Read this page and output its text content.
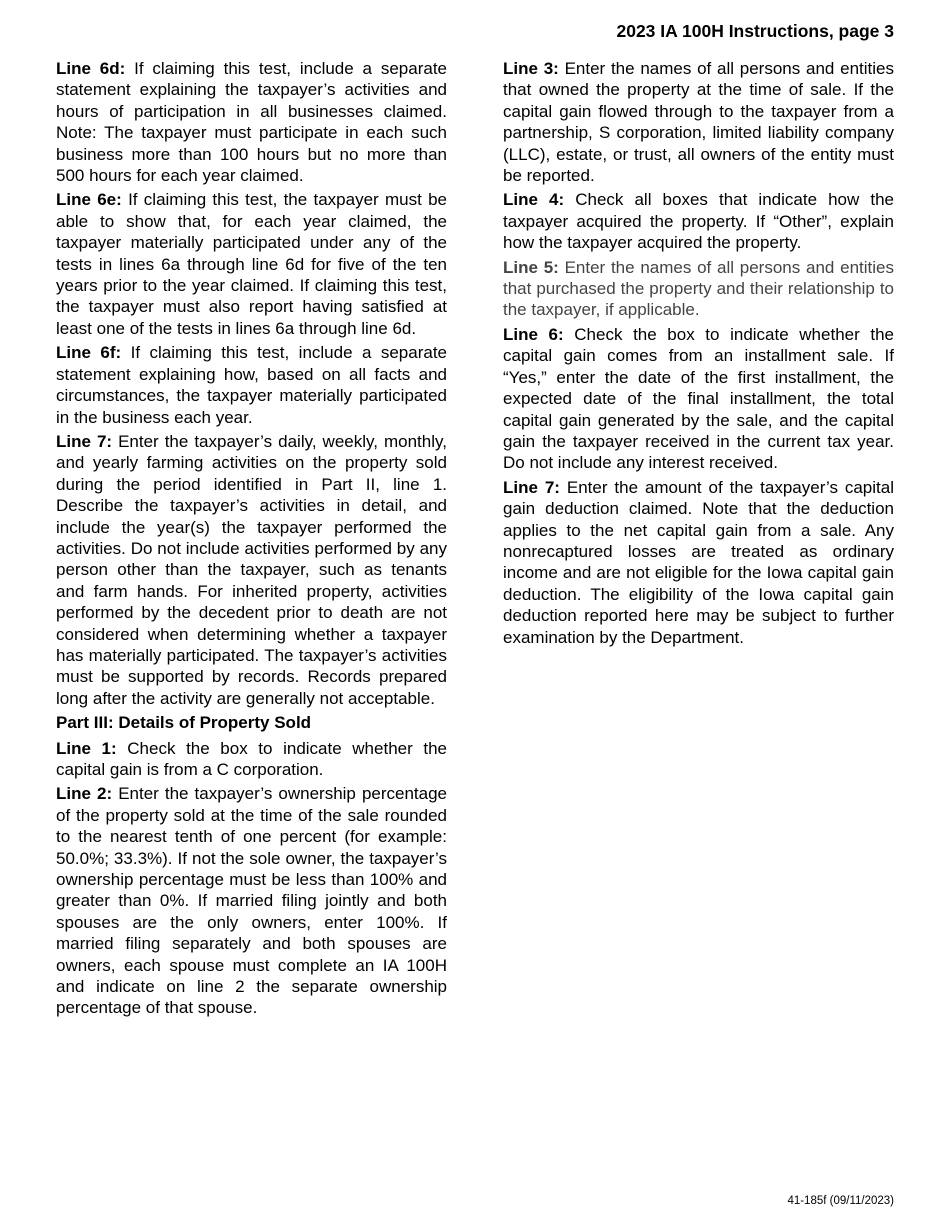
2023 IA 100H Instructions, page 3

Line 6d: If claiming this test, include a separate statement explaining the taxpayer’s activities and hours of participation in all businesses claimed. Note: The taxpayer must participate in each such business more than 100 hours but no more than 500 hours for each year claimed.

Line 6e: If claiming this test, the taxpayer must be able to show that, for each year claimed, the taxpayer materially participated under any of the tests in lines 6a through line 6d for five of the ten years prior to the year claimed. If claiming this test, the taxpayer must also report having satisfied at least one of the tests in lines 6a through line 6d.

Line 6f: If claiming this test, include a separate statement explaining how, based on all facts and circumstances, the taxpayer materially participated in the business each year.

Line 7: Enter the taxpayer’s daily, weekly, monthly, and yearly farming activities on the property sold during the period identified in Part II, line 1. Describe the taxpayer’s activities in detail, and include the year(s) the taxpayer performed the activities. Do not include activities performed by any person other than the taxpayer, such as tenants and farm hands. For inherited property, activities performed by the decedent prior to death are not considered when determining whether a taxpayer has materially participated. The taxpayer’s activities must be supported by records. Records prepared long after the activity are generally not acceptable.

Part III: Details of Property Sold

Line 1: Check the box to indicate whether the capital gain is from a C corporation.

Line 2: Enter the taxpayer’s ownership percentage of the property sold at the time of the sale rounded to the nearest tenth of one percent (for example: 50.0%; 33.3%). If not the sole owner, the taxpayer’s ownership percentage must be less than 100% and greater than 0%. If married filing jointly and both spouses are the only owners, enter 100%. If married filing separately and both spouses are owners, each spouse must complete an IA 100H and indicate on line 2 the separate ownership percentage of that spouse.

Line 3: Enter the names of all persons and entities that owned the property at the time of sale. If the capital gain flowed through to the taxpayer from a partnership, S corporation, limited liability company (LLC), estate, or trust, all owners of the entity must be reported.

Line 4: Check all boxes that indicate how the taxpayer acquired the property. If “Other”, explain how the taxpayer acquired the property.

Line 5: Enter the names of all persons and entities that purchased the property and their relationship to the taxpayer, if applicable.

Line 6: Check the box to indicate whether the capital gain comes from an installment sale. If “Yes,” enter the date of the first installment, the expected date of the final installment, the total capital gain generated by the sale, and the capital gain the taxpayer received in the current tax year. Do not include any interest received.

Line 7: Enter the amount of the taxpayer’s capital gain deduction claimed. Note that the deduction applies to the net capital gain from a sale. Any nonrecaptured losses are treated as ordinary income and are not eligible for the Iowa capital gain deduction. The eligibility of the Iowa capital gain deduction reported here may be subject to further examination by the Department.

41-185f (09/11/2023)
